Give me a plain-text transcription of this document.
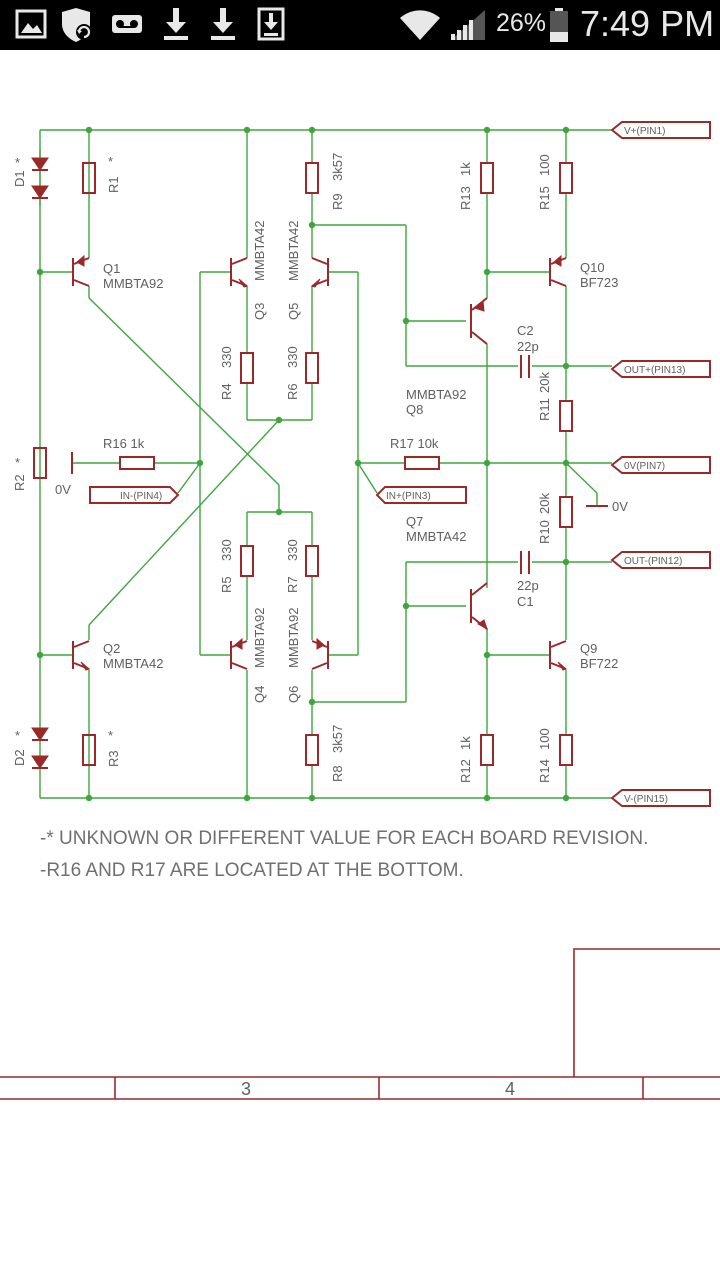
26% 7:49 PM
V+(PIN1)
OUT+(PIN13)
0V(PIN7)
OUT-(PIN12)
V-(PIN15)
IN-(PIN4)	IN+(PIN3)
D1
*
R1
*
Q1
MMBTA92
R2
*
0V
R16 1k
Q2
MMBTA42
D2
*
R3
*
Q3
MMBTA42
Q5
MMBTA42
R4
330
R6
330
R9
3k57
R5
330
R7
330
Q4
MMBTA92
Q6
MMBTA92
R8
3k57
MMBTA92
Q8
R17 10k
Q7
MMBTA42
R13
1k
R15
100
Q10
BF723
C2
22p
R11
20k
R10
20k	0V
22p
C1
Q9
BF722
R12
1k
R14
100
-* UNKNOWN OR DIFFERENT VALUE FOR EACH BOARD REVISION.
-R16 AND R17 ARE LOCATED AT THE BOTTOM.
3	4
